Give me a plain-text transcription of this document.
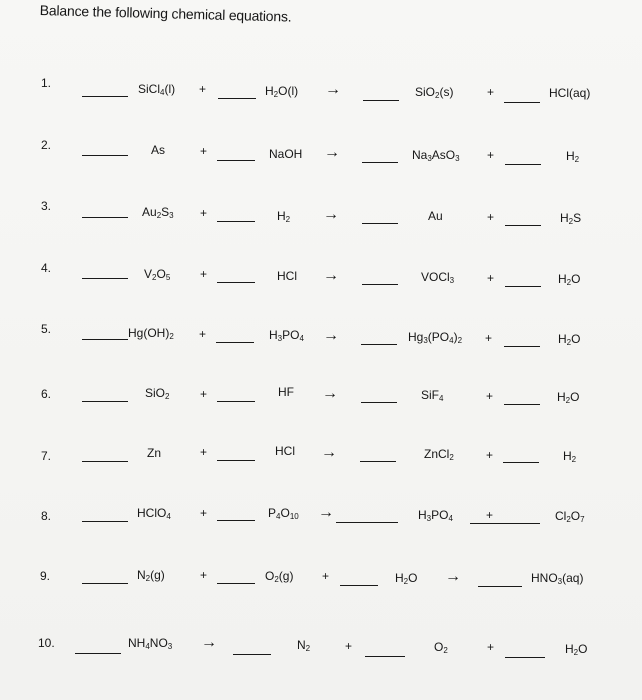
Balance the following chemical equations.
1.	SiCl$_4$(l) +	$H_2O(l)$ →	SiO$_2$(s)	+	HCl(aq)
2.	As	+	NaOH →	$Na_3AsO_3$ +	$H_2$
3.	$Au_2S_3$ +	$H_2$ →	Au	+	$H_2S$
4.	$V_2O_5$ +	HCl →	VOCl$_3$	+	$H_2O$
5.	$Hg(OH)_2$ +	$H_3PO_4$ →	$Hg_3(PO_4)_2$ +	$H_2O$
6.	SiO$_2$	+	HF →	SiF$_4$	+	$H_2O$
7.	Zn	+	HCl →	ZnCl$_2$	+	$H_2$
8.	HClO$_4$ +	$P_4O_{10}$ →	$H_3PO_4$	+	$Cl_2O_7$
9.	$N_2(g)$	+	$O_2(g)$ +	$H_2O$ →	$HNO_3(aq)$
10.	$NH_4NO_3$ →	$N_2$	+	$O_2$	+	$H_2O$
